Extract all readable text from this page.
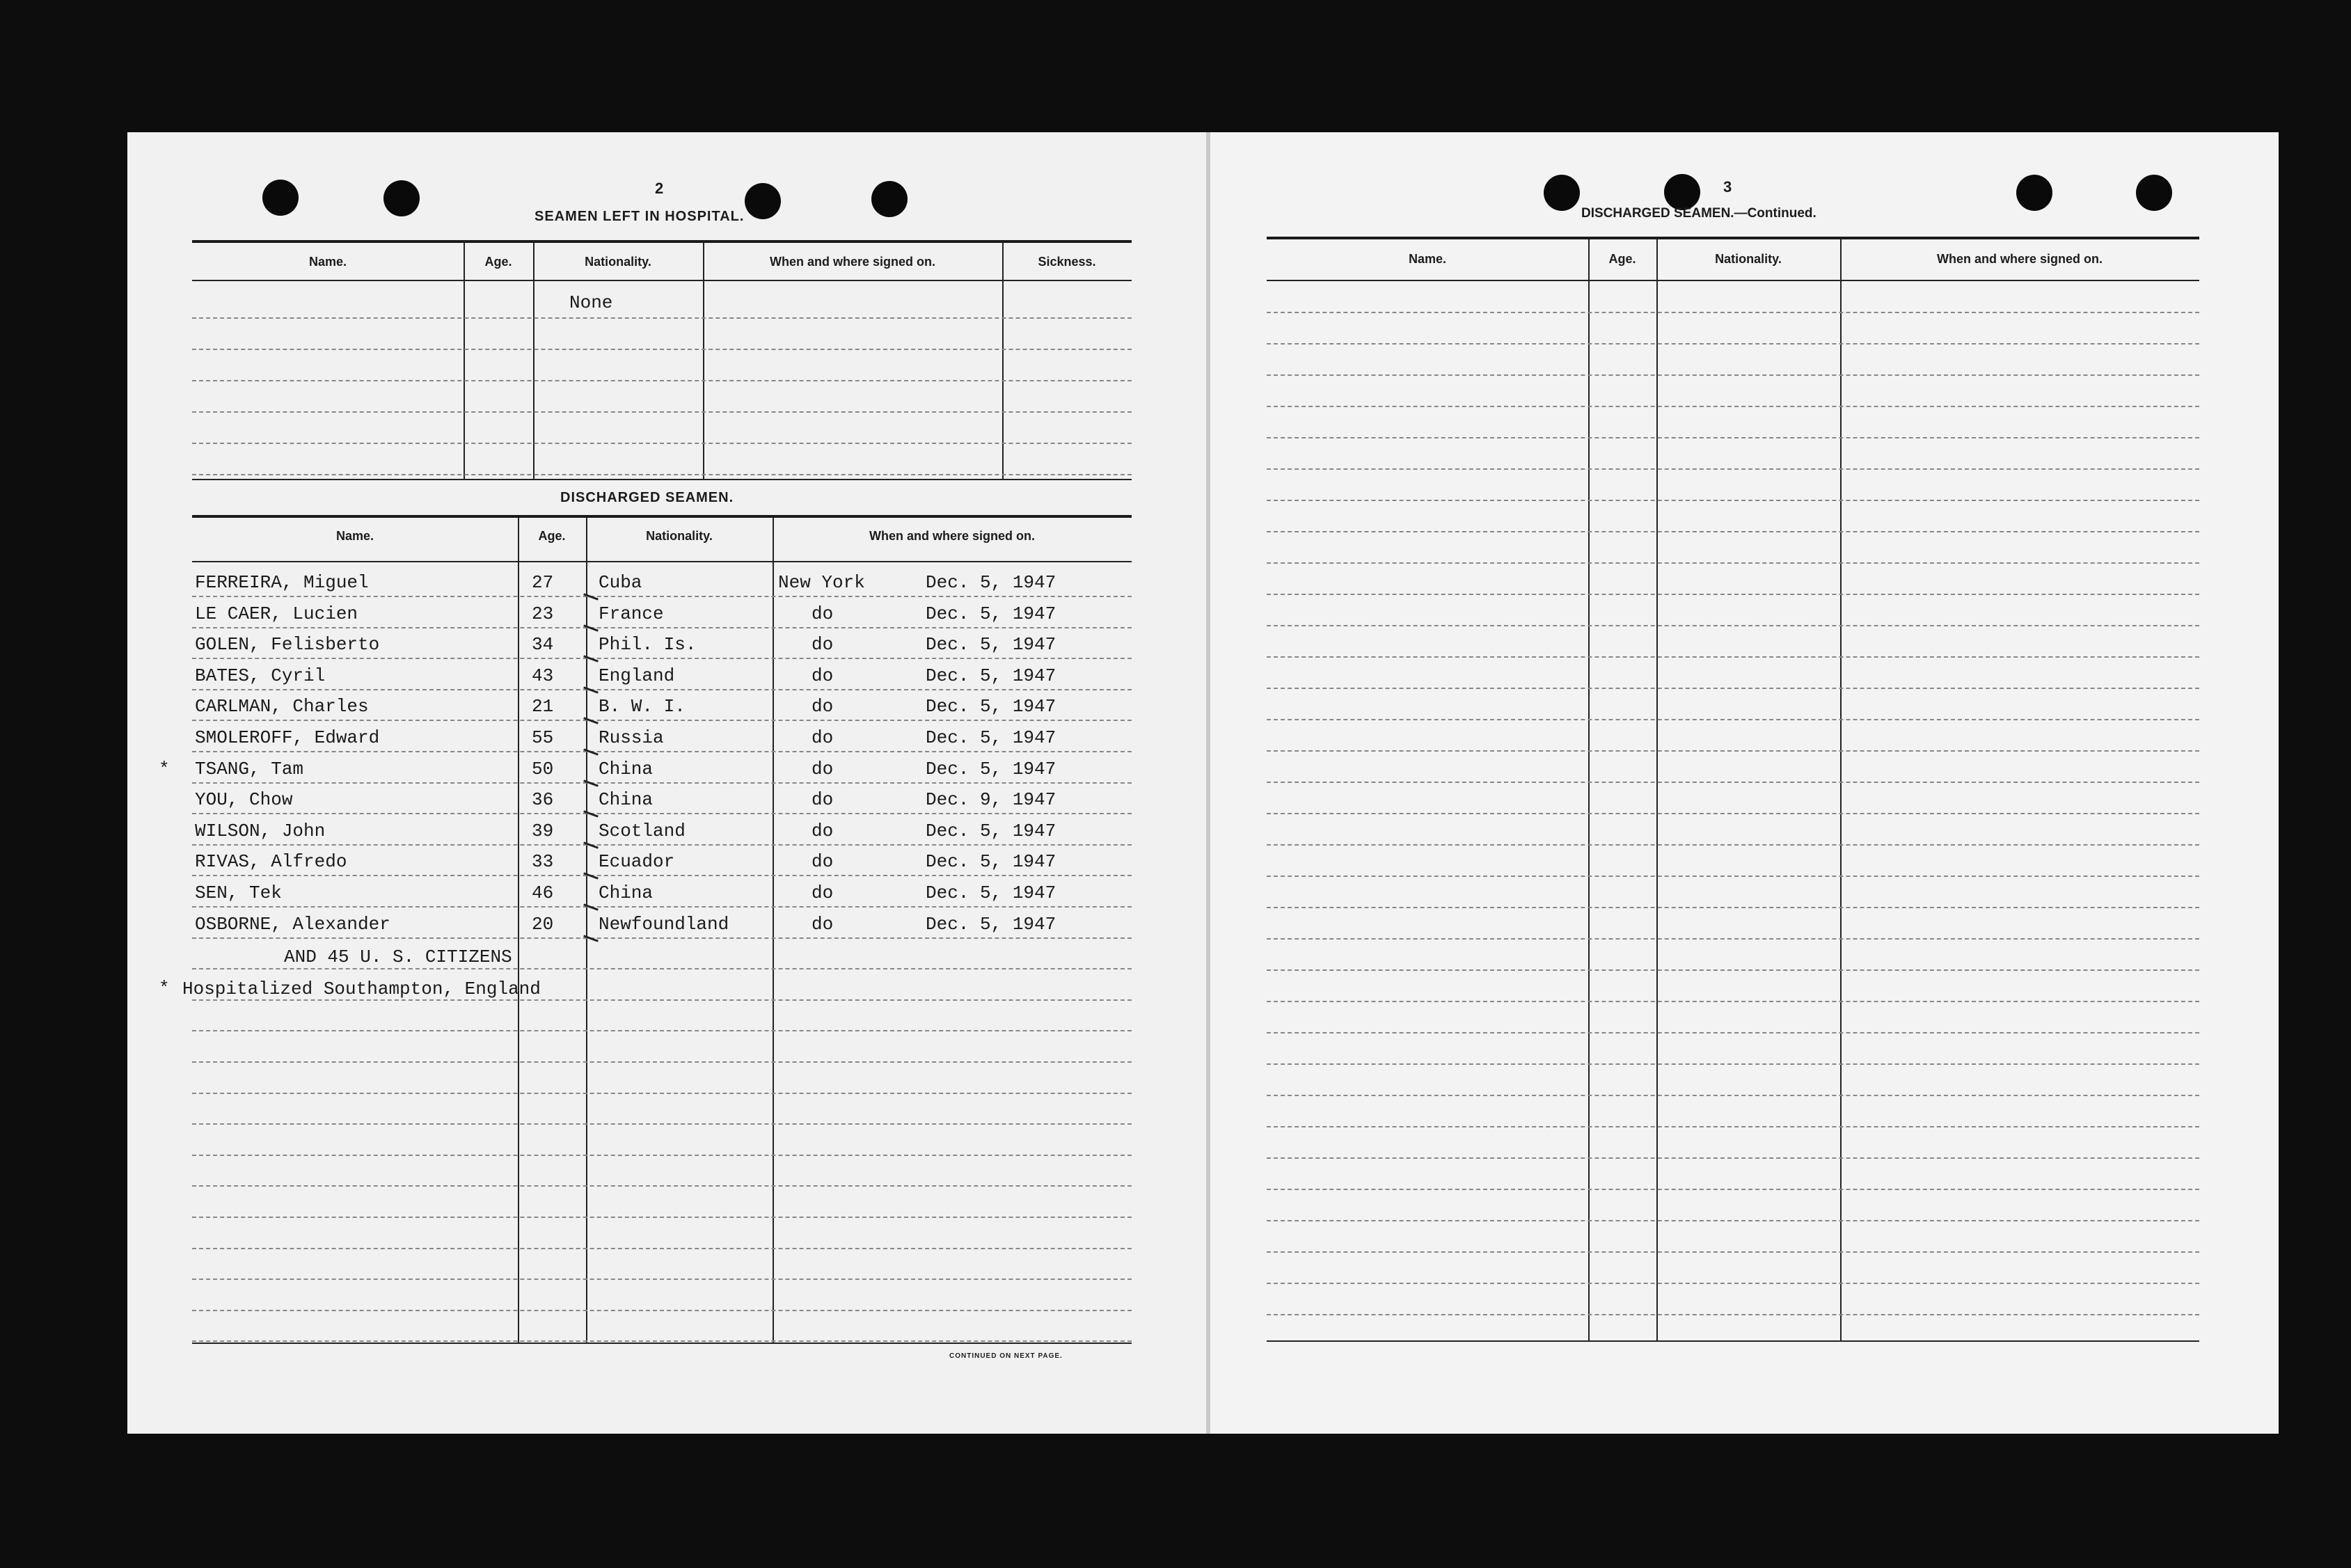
2
SEAMEN LEFT IN HOSPITAL.
Name.	Age.	Nationality.	When and where signed on.	Sickness.
None
DISCHARGED SEAMEN.
Name.	Age.	Nationality.	When and where signed on.
FERREIRA, Miguel	27 Cuba	New York	Dec. 5, 1947
LE CAER, Lucien	23 France	do	Dec. 5, 1947
GOLEN, Felisberto	34 Phil. Is.	do	Dec. 5, 1947
BATES, Cyril	43 England	do	Dec. 5, 1947
CARLMAN, Charles	21 B. W. I.	do	Dec. 5, 1947
SMOLEROFF, Edward	55 Russia	do	Dec. 5, 1947
* TSANG, Tam	50 China	do	Dec. 5, 1947
YOU, Chow	36 China	do	Dec. 9, 1947
WILSON, John	39 Scotland	do	Dec. 5, 1947
RIVAS, Alfredo	33 Ecuador	do	Dec. 5, 1947
SEN, Tek	46 China	do	Dec. 5, 1947
OSBORNE, Alexander	20 Newfoundland	do	Dec. 5, 1947
AND 45 U. S. CITIZENS
* Hospitalized Southampton, England
CONTINUED ON NEXT PAGE.
3
DISCHARGED SEAMEN.—Continued.
Name.	Age.	Nationality.	When and where signed on.
